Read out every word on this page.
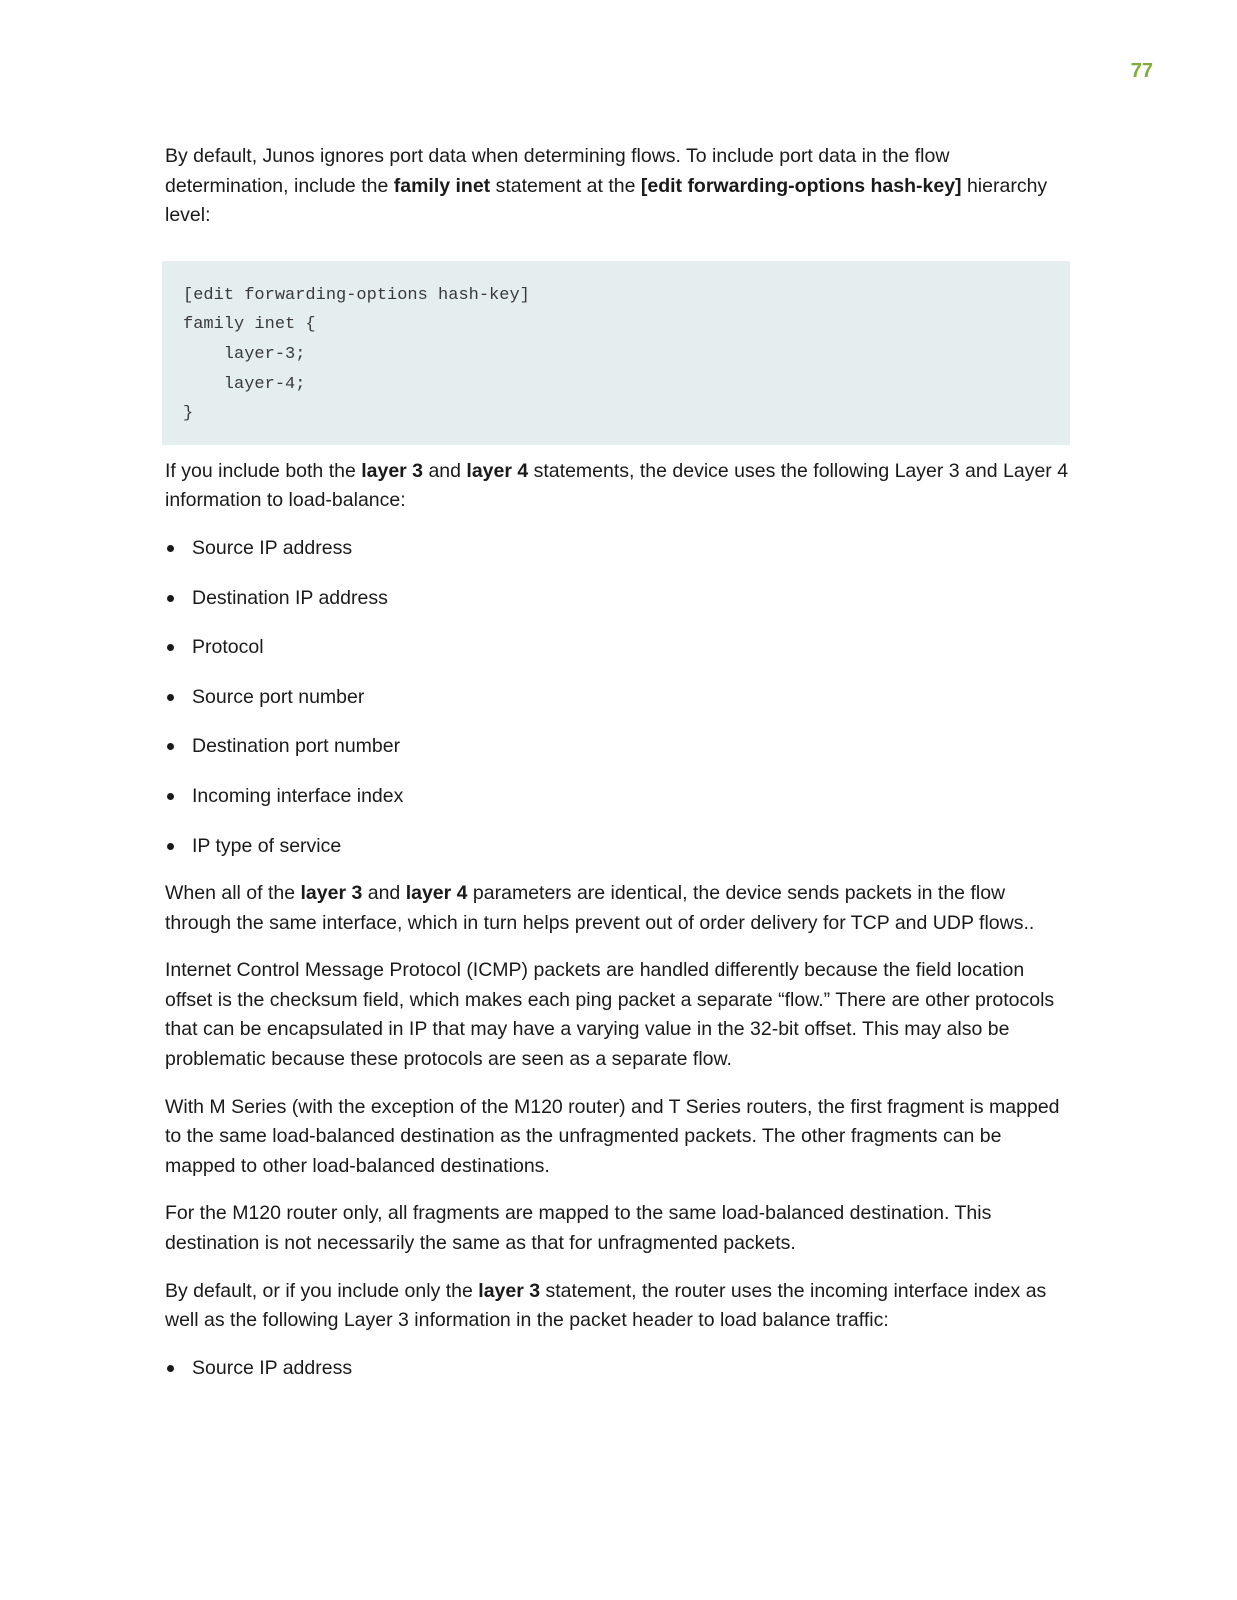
77

By default, Junos ignores port data when determining flows. To include port data in the flow determination, include the family inet statement at the [edit forwarding-options hash-key] hierarchy level:

[edit forwarding-options hash-key]
family inet {
layer-3;
layer-4;
}

If you include both the layer 3 and layer 4 statements, the device uses the following Layer 3 and Layer 4 information to load-balance:

Source IP address
Destination IP address
Protocol
Source port number
Destination port number
Incoming interface index
IP type of service

When all of the layer 3 and layer 4 parameters are identical, the device sends packets in the flow through the same interface, which in turn helps prevent out of order delivery for TCP and UDP flows..

Internet Control Message Protocol (ICMP) packets are handled differently because the field location offset is the checksum field, which makes each ping packet a separate “flow.” There are other protocols that can be encapsulated in IP that may have a varying value in the 32-bit offset. This may also be problematic because these protocols are seen as a separate flow.

With M Series (with the exception of the M120 router) and T Series routers, the first fragment is mapped to the same load-balanced destination as the unfragmented packets. The other fragments can be mapped to other load-balanced destinations.

For the M120 router only, all fragments are mapped to the same load-balanced destination. This destination is not necessarily the same as that for unfragmented packets.

By default, or if you include only the layer 3 statement, the router uses the incoming interface index as well as the following Layer 3 information in the packet header to load balance traffic:

Source IP address
